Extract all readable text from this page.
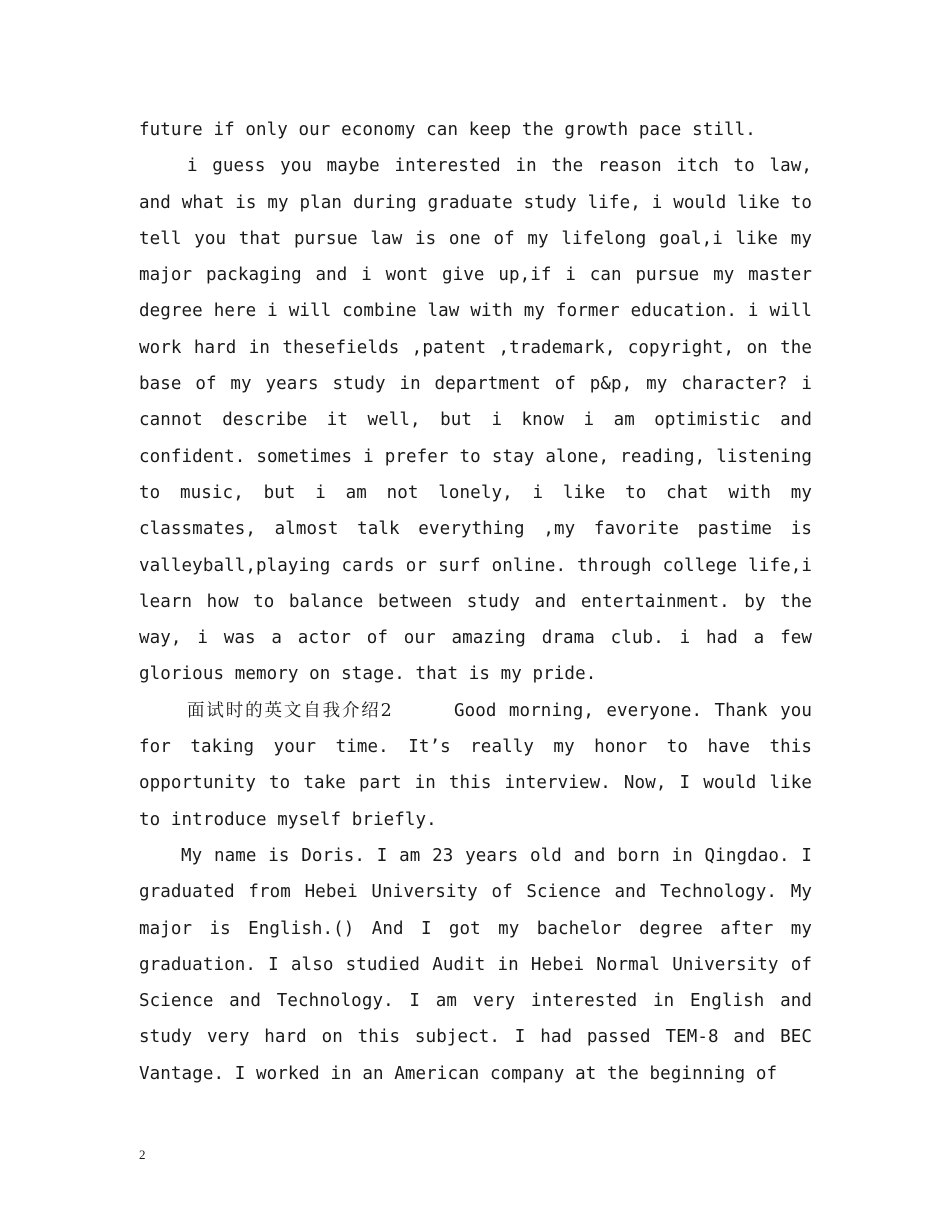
future if only our economy can keep the growth pace still.

i guess you maybe interested in the reason itch to law, and what is my plan during graduate study life, i would like to tell you that pursue law is one of my lifelong goal,i like my major packaging and i wont give up,if i can pursue my master degree here i will combine law with my former education. i will work hard in thesefields ,patent ,trademark, copyright, on the base of my years study in department of p&p, my character? i cannot describe it well, but i know i am optimistic and confident. sometimes i prefer to stay alone, reading, listening to music, but i am not lonely, i like to chat with my classmates, almost talk everything ,my favorite pastime is valleyball,playing cards or surf online. through college life,i learn how to balance between study and entertainment. by the way, i was a actor of our amazing drama club. i had a few glorious memory on stage. that is my pride.

面试时的英文自我介绍2	Good morning, everyone. Thank you for taking your time. It’s really my honor to have this opportunity to take part in this interview. Now, I would like to introduce myself briefly.

My name is Doris. I am 23 years old and born in Qingdao. I graduated from Hebei University of Science and Technology. My major is English.() And I got my bachelor degree after my graduation. I also studied Audit in Hebei Normal University of Science and Technology. I am very interested in English and study very hard on this subject. I had passed TEM-8 and BEC Vantage. I worked in an American company at the beginning of

2
